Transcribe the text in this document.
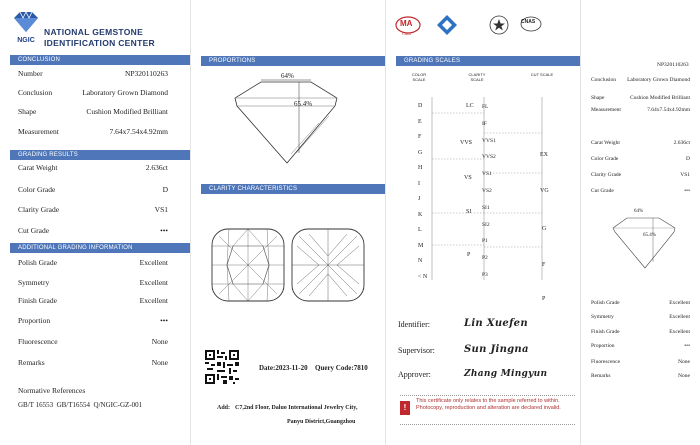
NGIC
NATIONAL GEMSTONE
IDENTIFICATION CENTER
CONCLUSION
Number	NP320110263
Conclusion	Laboratory Grown Diamond
Shape	Cushion Modified Brilliant
Measurement	7.64x7.54x4.92mm
GRADING RESULTS
Carat Weight	2.636ct
Color Grade	D
Clarity Grade	VS1
Cut Grade	•••
ADDITIONAL GRADING INFORMATION
Polish Grade	Excellent
Symmetry	Excellent
Finish Grade	Excellent
Proportion	•••
Fluorescence	None
Remarks	None
Normative References
GB/T 16553  GB/T16554  Q/NGIC-GZ-001
PROPORTIONS
64%
65.4%
CLARITY CHARACTERISTICS
Date:2023-11-20 Query Code:7810
Add: C7,2nd Floor, Daluo International Jewelry City,
Panyu District,Guangzhou
MA
CMA
CNAS
GRADING SCALES
COLOR SCALE
CLARITY SCALE
CUT SCALE
D
E
F
G
H
I
J
K
L
M
N
< N
LC
VVS
VS
SI
P
FL
IF
VVS1
VVS2
VS1
VS2
SI1
SI2
P1
P2
P3
EX
VG
G
F
P
Identifier:	Lin Xuefen
Supervisor:	Sun Jingna
Approver:	Zhang Mingyun
!
This certificate only relates to the sample referred to within. Photocopy, reproduction and alteration are declared invalid.
NP320110263
Conclusion Laboratory Grown Diamond
Shape	Cushion Modified Brilliant
Measurement	7.64x7.54x4.92mm
Carat Weight	2.636ct
Color Grade	D
Clarity Grade	VS1
Cut Grade	•••
64%
65.4%
Polish Grade	Excellent
Symmetry	Excellent
Finish Grade	Excellent
Proportion	•••
Fluorescence	None
Remarks	None
